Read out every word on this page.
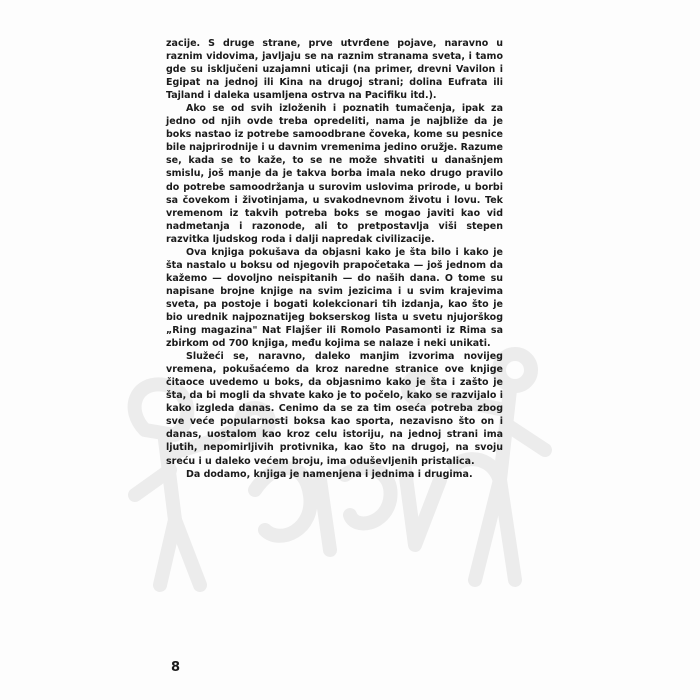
zacije. S druge strane, prve utvrđene pojave, naravno u raznim vidovima, javljaju se na raznim stranama sveta, i tamo gde su isključeni uzajamni uticaji (na primer, drevni Vavilon i Egipat na jednoj ili Kina na drugoj strani; dolina Eufrata ili Tajland i daleka usamljena ostrva na Pacifiku itd.).

Ako se od svih izloženih i poznatih tumačenja, ipak za jedno od njih ovde treba opredeliti, nama je najbliže da je boks nastao iz potrebe samoodbrane čoveka, kome su pesnice bile najprirodnije i u davnim vremenima jedino oružje. Razume se, kada se to kaže, to se ne može shvatiti u današnjem smislu, još manje da je takva borba imala neko drugo pravilo do potrebe samoodržanja u surovim uslovima prirode, u borbi sa čovekom i životinjama, u svakodnevnom životu i lovu. Tek vremenom iz takvih potreba boks se mogao javiti kao vid nadmetanja i razonode, ali to pretpostavlja viši stepen razvitka ljudskog roda i dalji napredak civilizacije.

Ova knjiga pokušava da objasni kako je šta bilo i kako je šta nastalo u boksu od njegovih prapočetaka — još jednom da kažemo — dovoljno neispitanih — do naših dana. O tome su napisane brojne knjige na svim jezicima i u svim krajevima sveta, pa postoje i bogati kolekcionari tih izdanja, kao što je bio urednik najpoznatijeg bokserskog lista u svetu njujorškog „Ring magazina" Nat Flajšer ili Romolo Pasamonti iz Rima sa zbirkom od 700 knjiga, među kojima se nalaze i neki unikati.

Služeći se, naravno, daleko manjim izvorima novijeg vremena, pokušaćemo da kroz naredne stranice ove knjige čitaoce uvedemo u boks, da objasnimo kako je šta i zašto je šta, da bi mogli da shvate kako je to počelo, kako se razvijalo i kako izgleda danas. Cenimo da se za tim oseća potreba zbog sve veće popularnosti boksa kao sporta, nezavisno što on i danas, uostalom kao kroz celu istoriju, na jednoj strani ima ljutih, nepomirljivih protivnika, kao što na drugoj, na svoju sreću i u daleko većem broju, ima oduševljenih pristalica.

Da dodamo, knjiga je namenjena i jednima i drugima.

8
